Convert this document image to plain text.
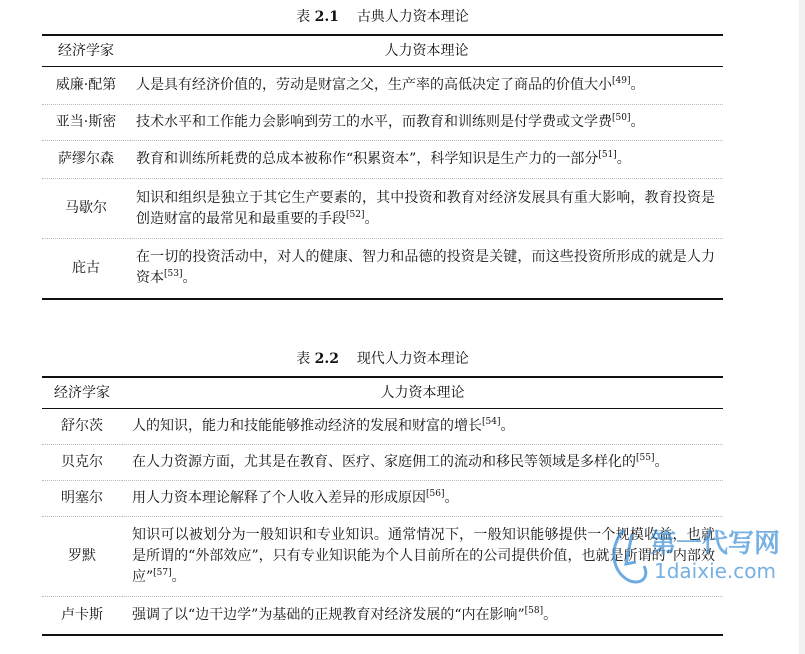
表 2.1 古典人力资本理论
经济学家	人力资本理论
威廉·配第	人是具有经济价值的，劳动是财富之父，生产率的高低决定了商品的价值大小[49]。
亚当·斯密	技术水平和工作能力会影响到劳工的水平，而教育和训练则是付学费或文学费[50]。
萨缪尔森	教育和训练所耗费的总成本被称作“积累资本”，科学知识是生产力的一部分[51]。
马歇尔	知识和组织是独立于其它生产要素的，其中投资和教育对经济发展具有重大影响，教育投资是创造财富的最常见和最重要的手段[52]。
庇古	在一切的投资活动中，对人的健康、智力和品德的投资是关键，而这些投资所形成的就是人力资本[53]。
表 2.2 现代人力资本理论
经济学家	人力资本理论
舒尔茨	人的知识，能力和技能能够推动经济的发展和财富的增长[54]。
贝克尔	在人力资源方面，尤其是在教育、医疗、家庭佣工的流动和移民等领域是多样化的[55]。
明塞尔	用人力资本理论解释了个人收入差异的形成原因[56]。
罗默	知识可以被划分为一般知识和专业知识。通常情况下，一般知识能够提供一个规模收益，也就是所谓的“外部效应”，只有专业知识能为个人目前所在的公司提供价值，也就是所谓的“内部效应”[57]。
卢卡斯	强调了以“边干边学”为基础的正规教育对经济发展的“内在影响”[58]。
第一代写网
1daixie.com
